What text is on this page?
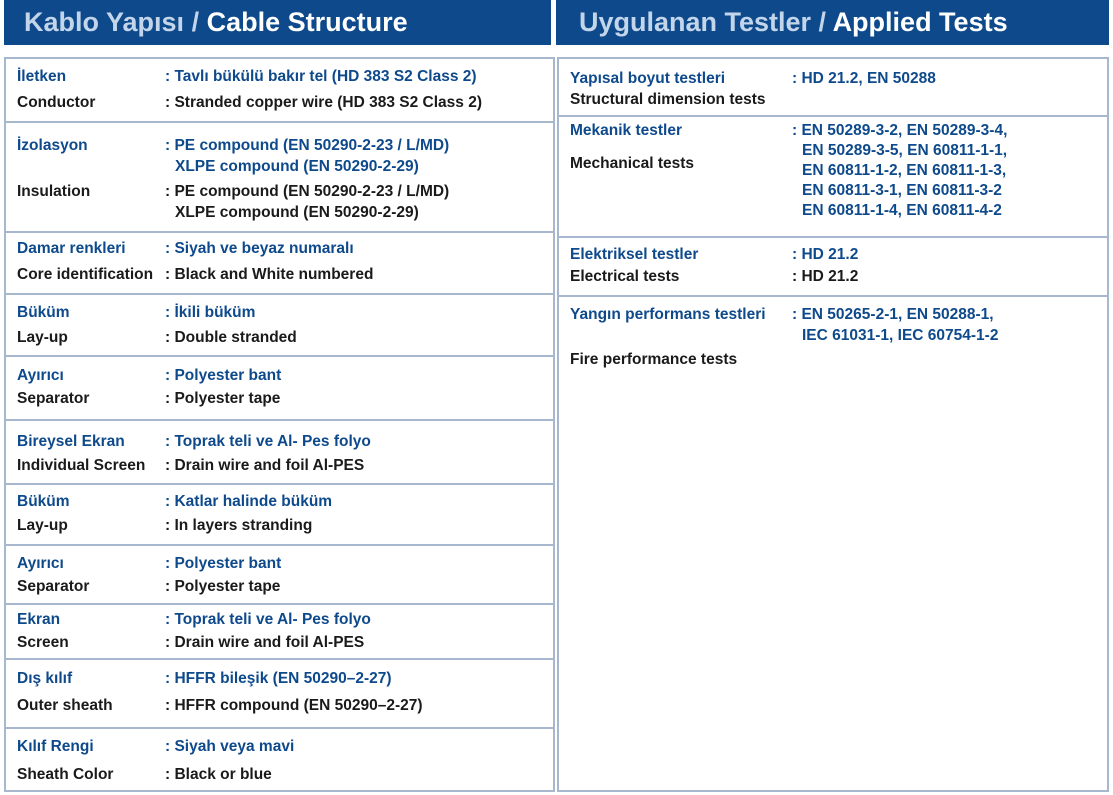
Kablo Yapısı / Cable Structure	Uygulanan Testler / Applied Tests
İletken	: Tavlı bükülü bakır tel (HD 383 S2 Class 2)
Conductor	: Stranded copper wire (HD 383 S2 Class 2)
İzolasyon	: PE compound (EN 50290-2-23 / L/MD)
XLPE compound (EN 50290-2-29)
Insulation	: PE compound (EN 50290-2-23 / L/MD)
XLPE compound (EN 50290-2-29)
Damar renkleri	: Siyah ve beyaz numaralı
Core identification : Black and White numbered
Büküm	: İkili büküm
Lay-up	: Double stranded
Ayırıcı	: Polyester bant
Separator	: Polyester tape
Bireysel Ekran	: Toprak teli ve Al- Pes folyo
Individual Screen : Drain wire and foil Al-PES
Büküm	: Katlar halinde büküm
Lay-up	: In layers stranding
Ayırıcı	: Polyester bant
Separator	: Polyester tape
Ekran	: Toprak teli ve Al- Pes folyo
Screen	: Drain wire and foil Al-PES
Dış kılıf	: HFFR bileşik (EN 50290–2-27)
Outer sheath	: HFFR compound (EN 50290–2-27)
Kılıf Rengi	: Siyah veya mavi
Sheath Color	: Black or blue
Yapısal boyut testleri	: HD 21.2, EN 50288
Structural dimension tests
Mekanik testler	: EN 50289-3-2, EN 50289-3-4,
EN 50289-3-5, EN 60811-1-1,
EN 60811-1-2, EN 60811-1-3,
EN 60811-3-1, EN 60811-3-2
EN 60811-1-4, EN 60811-4-2
Mechanical tests
Elektriksel testler	: HD 21.2
Electrical tests	: HD 21.2
Yangın performans testleri : EN 50265-2-1, EN 50288-1,
IEC 61031-1, IEC 60754-1-2
Fire performance tests
